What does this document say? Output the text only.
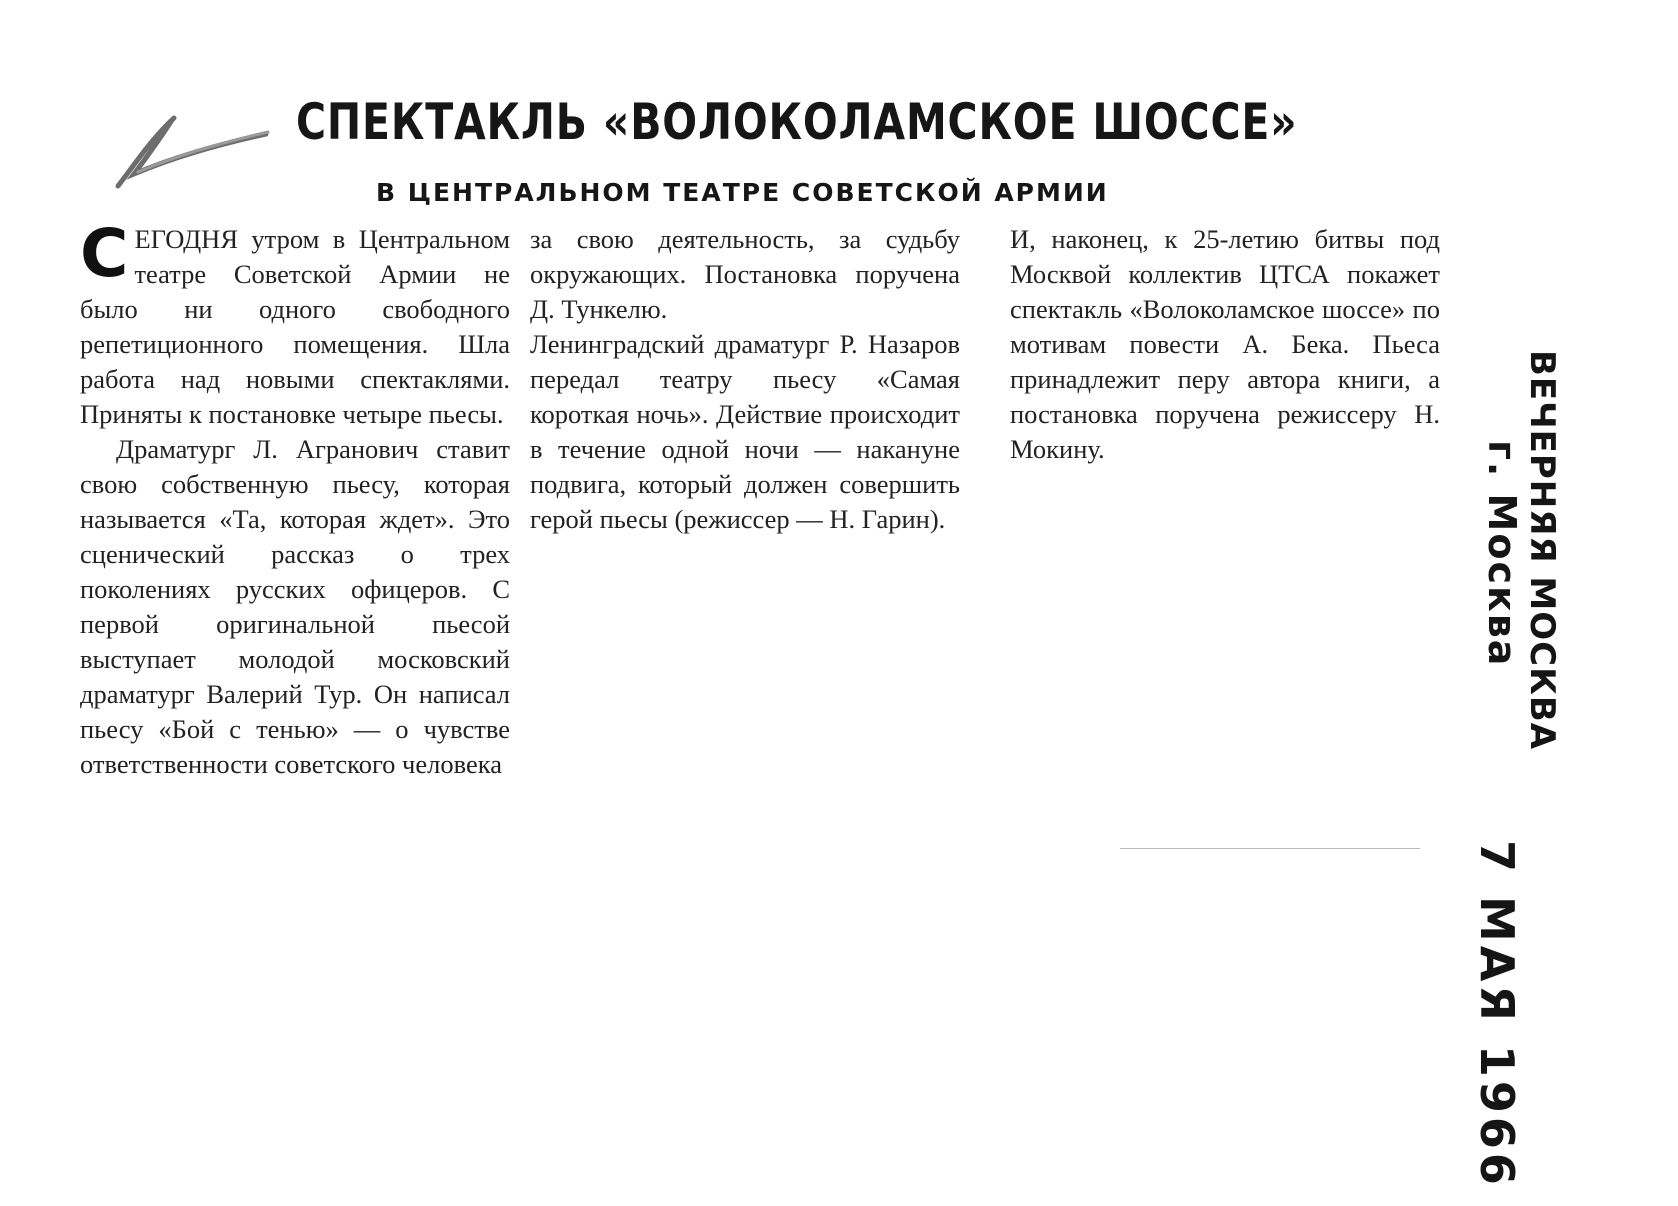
СПЕКТАКЛЬ «ВОЛОКОЛАМСКОЕ ШОССЕ»
В ЦЕНТРАЛЬНОМ ТЕАТРЕ СОВЕТСКОЙ АРМИИ

СЕГОДНЯ утром в Центральном театре Советской Армии не было ни одного свободного репетиционного помещения. Шла работа над новыми спектаклями. Приняты к постановке четыре пьесы.

Драматург Л. Агранович ставит свою собственную пьесу, которая называется «Та, которая ждет». Это сценический рассказ о трех поколениях русских офицеров. С первой оригинальной пьесой выступает молодой московский драматург Валерий Тур. Он написал пьесу «Бой с тенью» — о чувстве ответственности советского человека

за свою деятельность, за судьбу окружающих. Постановка поручена Д. Тункелю.

Ленинградский драматург Р. Назаров передал театру пьесу «Самая короткая ночь». Действие происходит в течение одной ночи — накануне подвига, который должен совершить герой пьесы (режиссер — Н. Гарин).

И, наконец, к 25-летию битвы под Москвой коллектив ЦТСА покажет спектакль «Волоколамское шоссе» по мотивам повести А. Бека. Пьеса принадлежит перу автора книги, а постановка поручена режиссеру Н. Мокину.	ВЕЧЕРНЯЯ МОСКВА
г. Москва
7 МАЯ 1966
